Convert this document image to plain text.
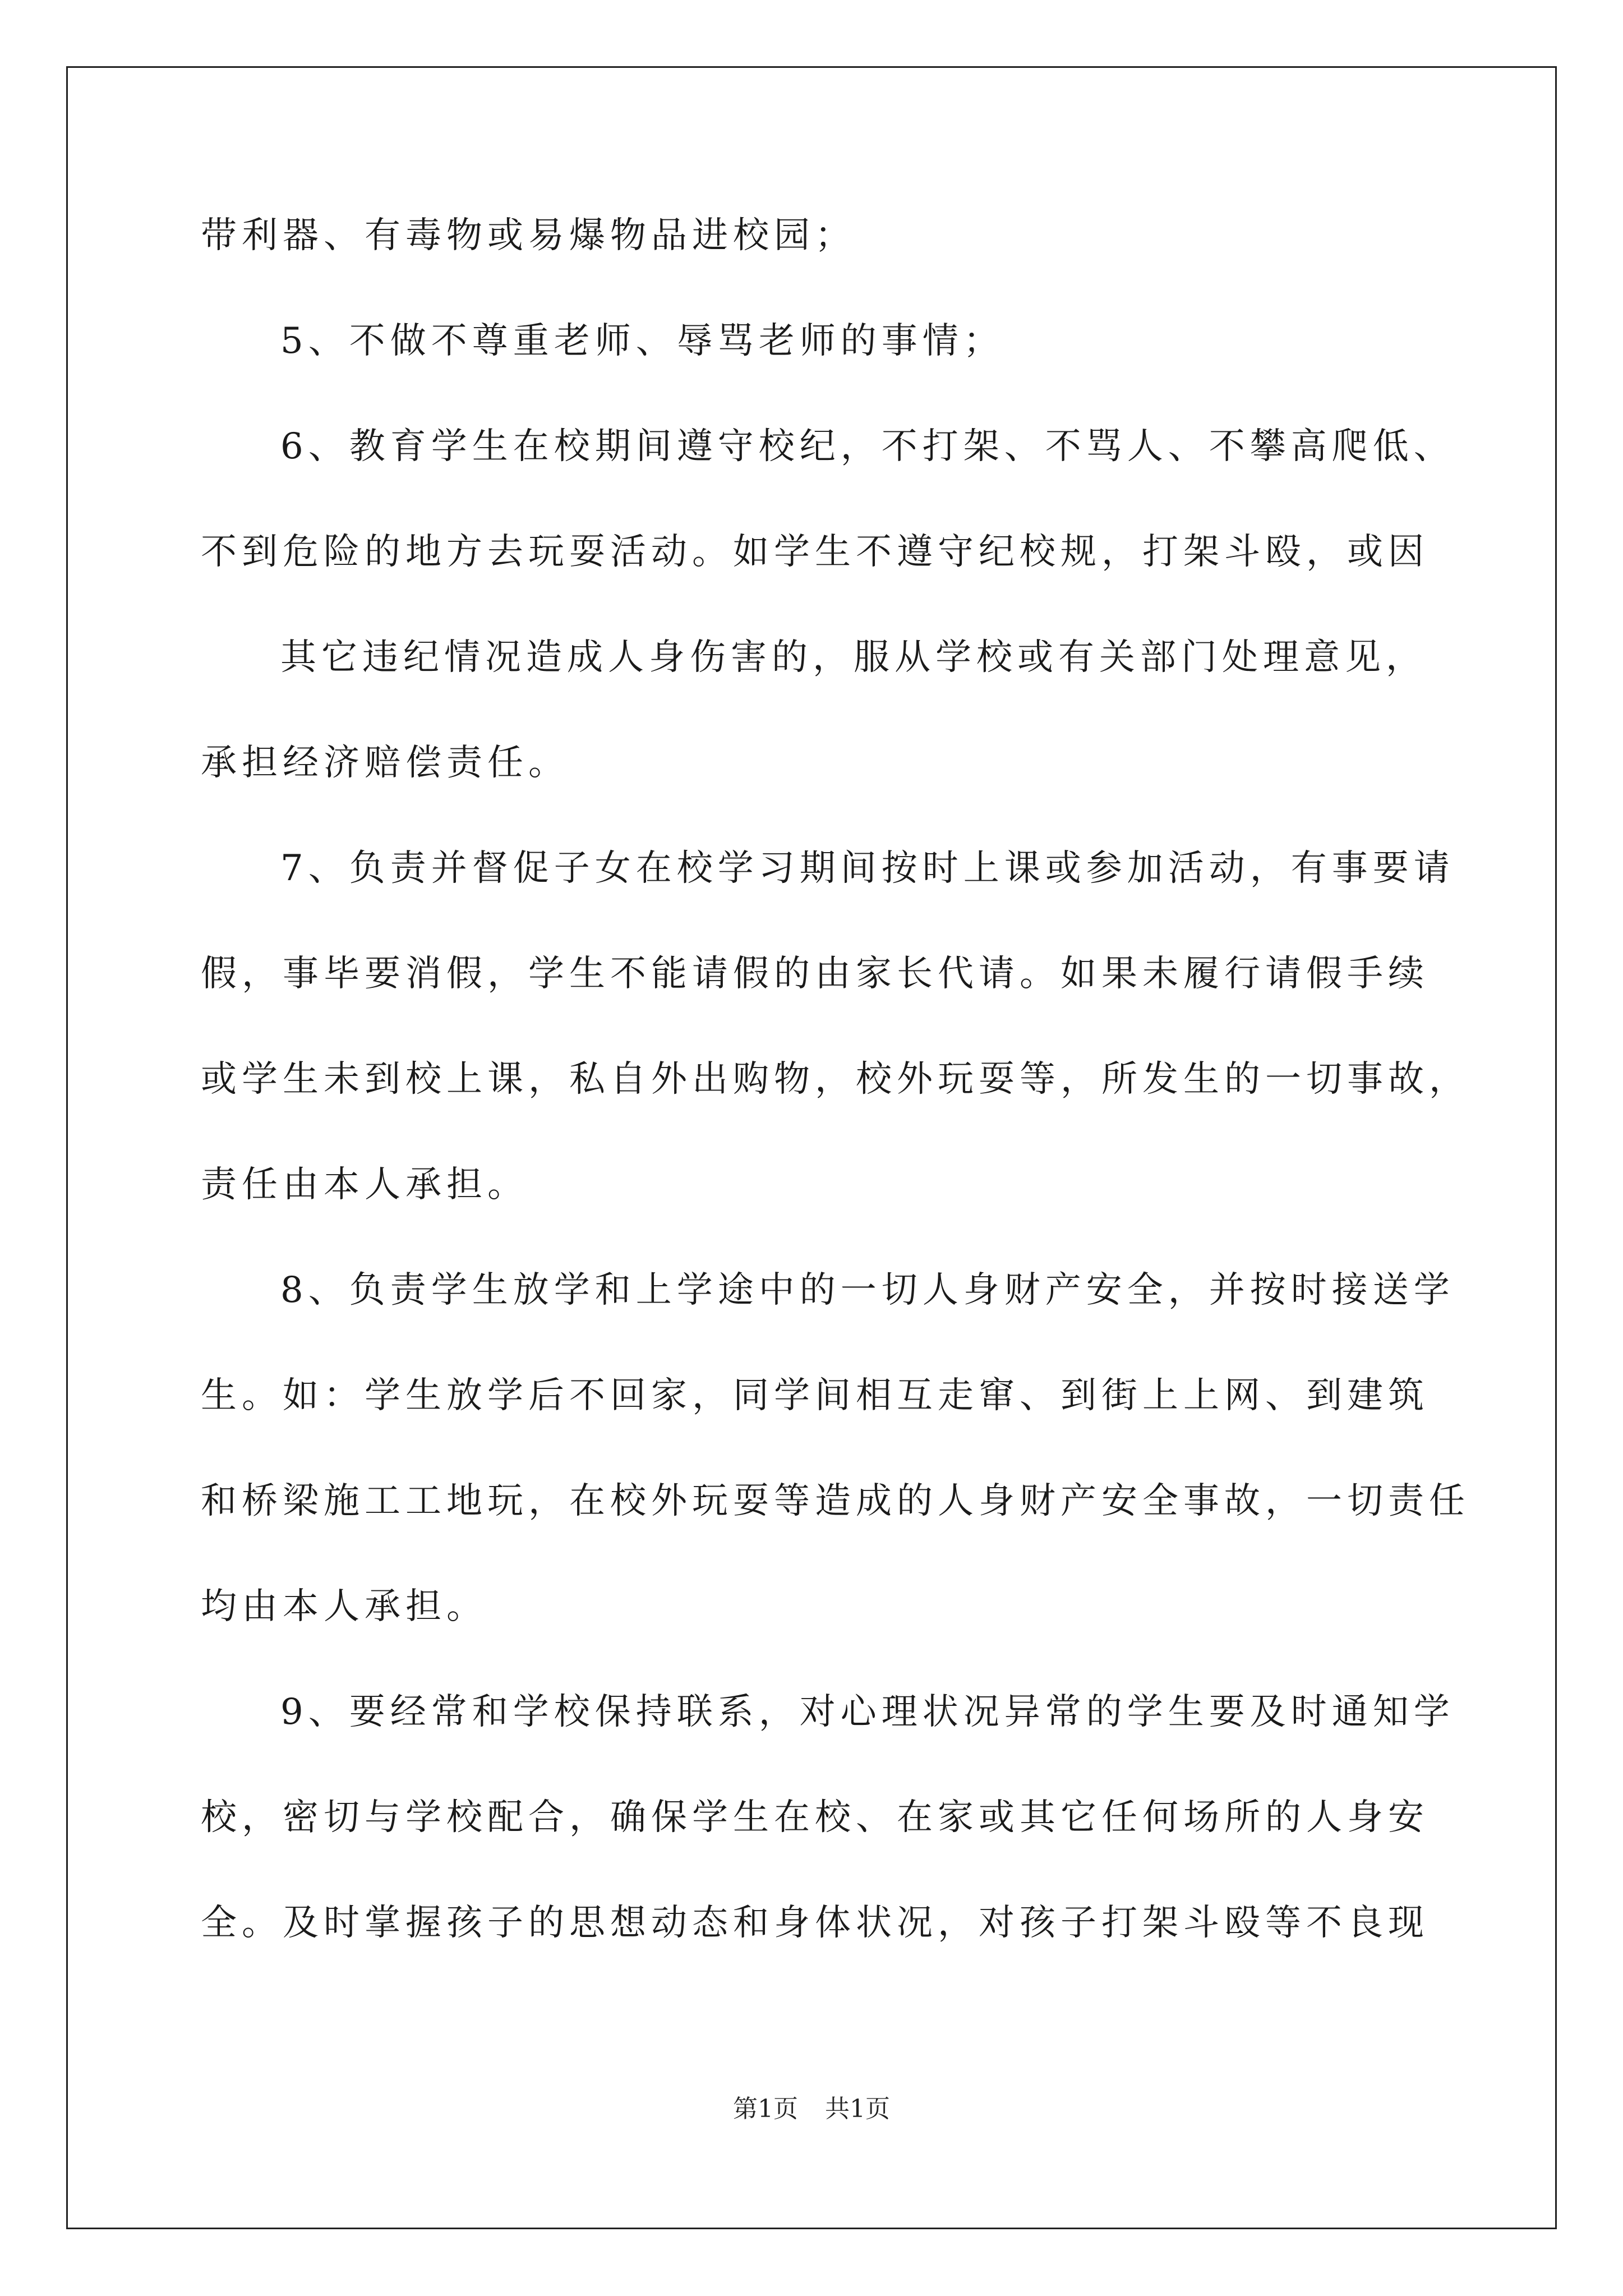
带利器、有毒物或易爆物品进校园；
5、不做不尊重老师、辱骂老师的事情；
6、教育学生在校期间遵守校纪，不打架、不骂人、不攀高爬低、
不到危险的地方去玩耍活动。如学生不遵守纪校规，打架斗殴，或因
其它违纪情况造成人身伤害的，服从学校或有关部门处理意见，
承担经济赔偿责任。
7、负责并督促子女在校学习期间按时上课或参加活动，有事要请
假，事毕要消假，学生不能请假的由家长代请。如果未履行请假手续
或学生未到校上课，私自外出购物，校外玩耍等，所发生的一切事故，
责任由本人承担。
8、负责学生放学和上学途中的一切人身财产安全，并按时接送学
生。如：学生放学后不回家，同学间相互走窜、到街上上网、到建筑
和桥梁施工工地玩，在校外玩耍等造成的人身财产安全事故，一切责任
均由本人承担。
9、要经常和学校保持联系，对心理状况异常的学生要及时通知学
校，密切与学校配合，确保学生在校、在家或其它任何场所的人身安
全。及时掌握孩子的思想动态和身体状况，对孩子打架斗殴等不良现
第1页 共1页
